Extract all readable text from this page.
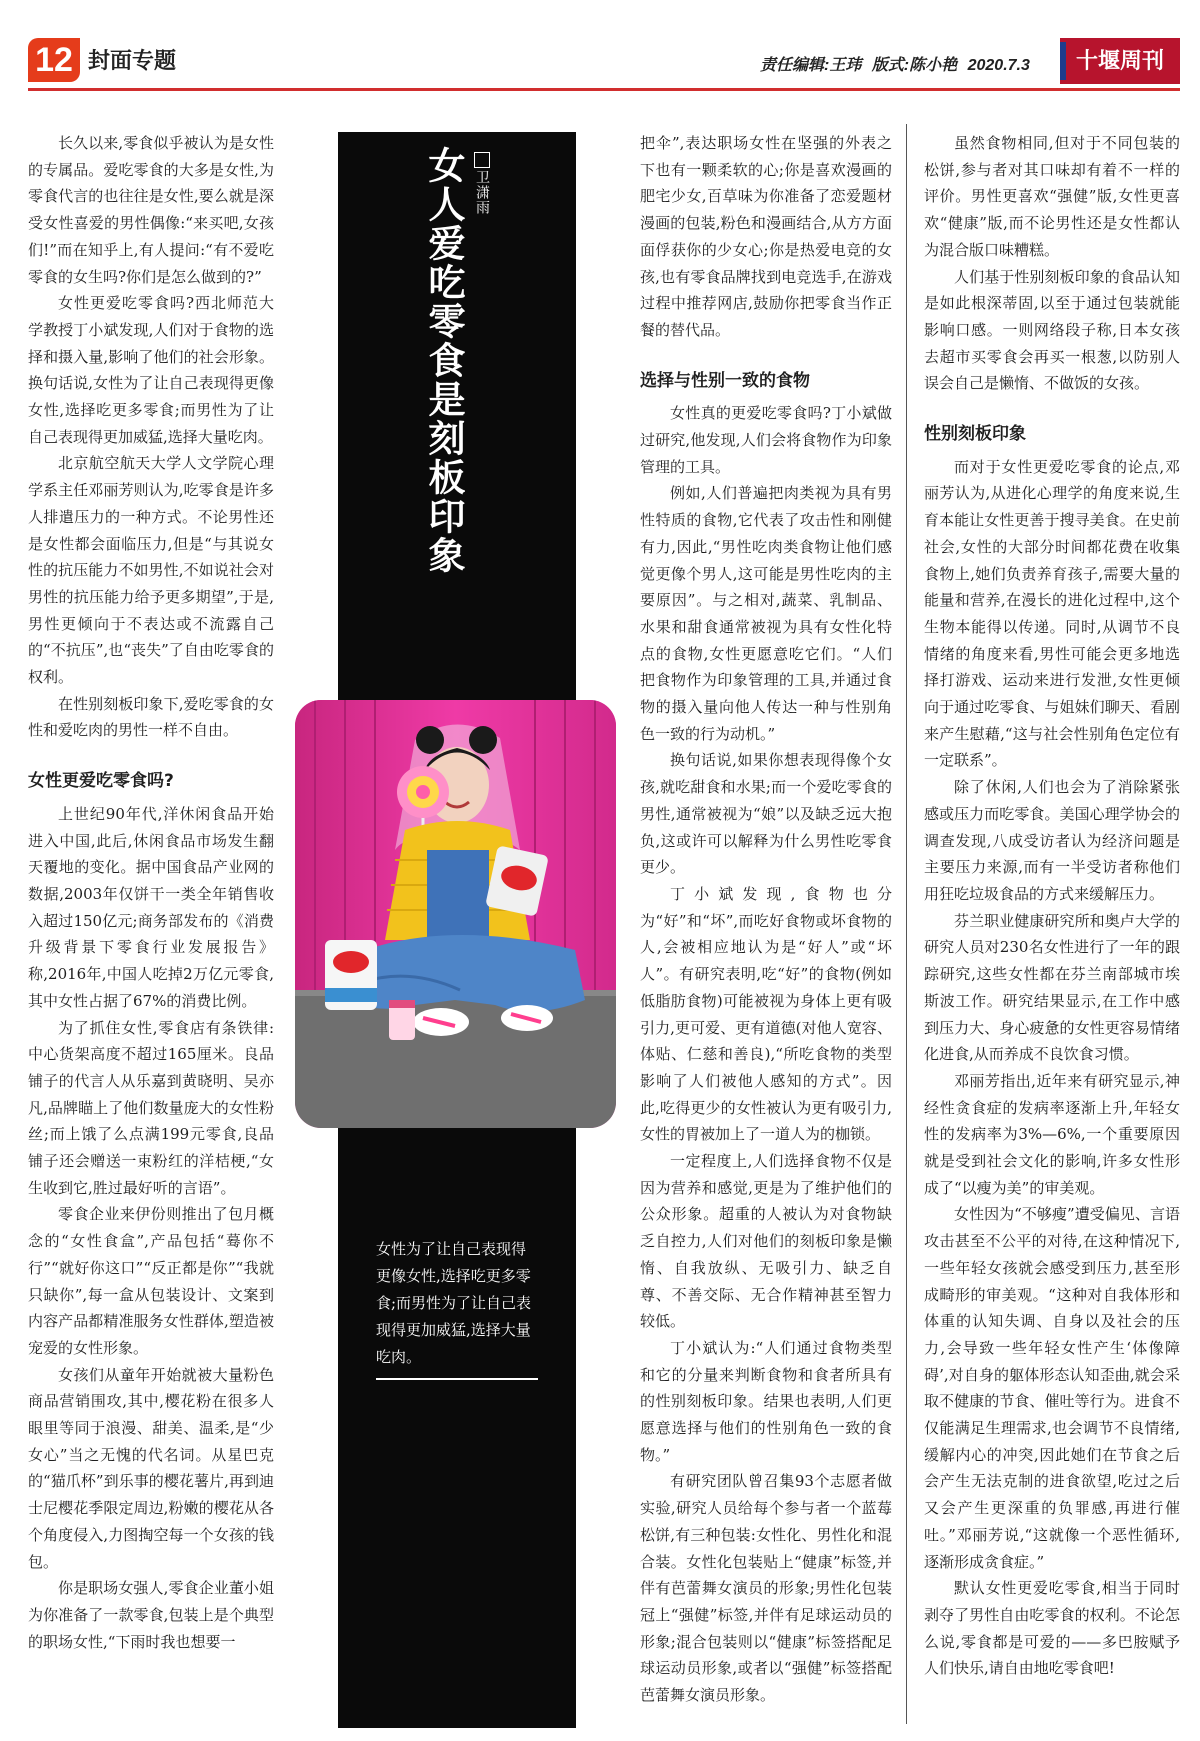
12 封面专题	责任编辑:王玮 版式:陈小艳 2020.7.3	十堰周刊

长久以来,零食似乎被认为是女性的专属品。爱吃零食的大多是女性,为零食代言的也往往是女性,要么就是深受女性喜爱的男性偶像:“来买吧,女孩们!”而在知乎上,有人提问:“有不爱吃零食的女生吗?你们是怎么做到的?”

女性更爱吃零食吗?西北师范大学教授丁小斌发现,人们对于食物的选择和摄入量,影响了他们的社会形象。换句话说,女性为了让自己表现得更像女性,选择吃更多零食;而男性为了让自己表现得更加威猛,选择大量吃肉。

北京航空航天大学人文学院心理学系主任邓丽芳则认为,吃零食是许多人排遣压力的一种方式。不论男性还是女性都会面临压力,但是“与其说女性的抗压能力不如男性,不如说社会对男性的抗压能力给予更多期望”,于是,男性更倾向于不表达或不流露自己的“不抗压”,也“丧失”了自由吃零食的权利。

在性别刻板印象下,爱吃零食的女性和爱吃肉的男性一样不自由。

女性更爱吃零食吗?

上世纪90年代,洋休闲食品开始进入中国,此后,休闲食品市场发生翻天覆地的变化。据中国食品产业网的数据,2003年仅饼干一类全年销售收入超过150亿元;商务部发布的《消费升级背景下零食行业发展报告》称,2016年,中国人吃掉2万亿元零食,其中女性占据了67%的消费比例。

为了抓住女性,零食店有条铁律:中心货架高度不超过165厘米。良品铺子的代言人从乐嘉到黄晓明、吴亦凡,品牌瞄上了他们数量庞大的女性粉丝;而上饿了么点满199元零食,良品铺子还会赠送一束粉红的洋桔梗,“女生收到它,胜过最好听的言语”。

零食企业来伊份则推出了包月概念的“女性食盒”,产品包括“蓦你不行”“就好你这口”“反正都是你”“我就只缺你”,每一盒从包装设计、文案到内容产品都精准服务女性群体,塑造被宠爱的女性形象。

女孩们从童年开始就被大量粉色商品营销围攻,其中,樱花粉在很多人眼里等同于浪漫、甜美、温柔,是“少女心”当之无愧的代名词。从星巴克的“猫爪杯”到乐事的樱花薯片,再到迪士尼樱花季限定周边,粉嫩的樱花从各个角度侵入,力图掏空每一个女孩的钱包。

你是职场女强人,零食企业董小姐为你准备了一款零食,包装上是个典型的职场女性,“下雨时我也想要一

女人爱吃零食是刻板印象 卫潇雨
女性为了让自己表现得更像女性,选择吃更多零食;而男性为了让自己表现得更加威猛,选择大量吃肉。

把伞”,表达职场女性在坚强的外表之下也有一颗柔软的心;你是喜欢漫画的肥宅少女,百草味为你准备了恋爱题材漫画的包装,粉色和漫画结合,从方方面面俘获你的少女心;你是热爱电竞的女孩,也有零食品牌找到电竞选手,在游戏过程中推荐网店,鼓励你把零食当作正餐的替代品。

选择与性别一致的食物

女性真的更爱吃零食吗?丁小斌做过研究,他发现,人们会将食物作为印象管理的工具。

例如,人们普遍把肉类视为具有男性特质的食物,它代表了攻击性和刚健有力,因此,“男性吃肉类食物让他们感觉更像个男人,这可能是男性吃肉的主要原因”。与之相对,蔬菜、乳制品、水果和甜食通常被视为具有女性化特点的食物,女性更愿意吃它们。“人们把食物作为印象管理的工具,并通过食物的摄入量向他人传达一种与性别角色一致的行为动机。”

换句话说,如果你想表现得像个女孩,就吃甜食和水果;而一个爱吃零食的男性,通常被视为“娘”以及缺乏远大抱负,这或许可以解释为什么男性吃零食更少。

丁小斌发现,食物也分为“好”和“坏”,而吃好食物或坏食物的人,会被相应地认为是“好人”或“坏人”。有研究表明,吃“好”的食物(例如低脂肪食物)可能被视为身体上更有吸引力,更可爱、更有道德(对他人宽容、体贴、仁慈和善良),“所吃食物的类型影响了人们被他人感知的方式”。因此,吃得更少的女性被认为更有吸引力,女性的胃被加上了一道人为的枷锁。

一定程度上,人们选择食物不仅是因为营养和感觉,更是为了维护他们的公众形象。超重的人被认为对食物缺乏自控力,人们对他们的刻板印象是懒惰、自我放纵、无吸引力、缺乏自尊、不善交际、无合作精神甚至智力较低。

丁小斌认为:“人们通过食物类型和它的分量来判断食物和食者所具有的性别刻板印象。结果也表明,人们更愿意选择与他们的性别角色一致的食物。”

有研究团队曾召集93个志愿者做实验,研究人员给每个参与者一个蓝莓松饼,有三种包装:女性化、男性化和混合装。女性化包装贴上“健康”标签,并伴有芭蕾舞女演员的形象;男性化包装冠上“强健”标签,并伴有足球运动员的形象;混合包装则以“健康”标签搭配足球运动员形象,或者以“强健”标签搭配芭蕾舞女演员形象。

虽然食物相同,但对于不同包装的松饼,参与者对其口味却有着不一样的评价。男性更喜欢“强健”版,女性更喜欢“健康”版,而不论男性还是女性都认为混合版口味糟糕。

人们基于性别刻板印象的食品认知是如此根深蒂固,以至于通过包装就能影响口感。一则网络段子称,日本女孩去超市买零食会再买一根葱,以防别人误会自己是懒惰、不做饭的女孩。

性别刻板印象

而对于女性更爱吃零食的论点,邓丽芳认为,从进化心理学的角度来说,生育本能让女性更善于搜寻美食。在史前社会,女性的大部分时间都花费在收集食物上,她们负责养育孩子,需要大量的能量和营养,在漫长的进化过程中,这个生物本能得以传递。同时,从调节不良情绪的角度来看,男性可能会更多地选择打游戏、运动来进行发泄,女性更倾向于通过吃零食、与姐妹们聊天、看剧来产生慰藉,“这与社会性别角色定位有一定联系”。

除了休闲,人们也会为了消除紧张感或压力而吃零食。美国心理学协会的调查发现,八成受访者认为经济问题是主要压力来源,而有一半受访者称他们用狂吃垃圾食品的方式来缓解压力。

芬兰职业健康研究所和奥卢大学的研究人员对230名女性进行了一年的跟踪研究,这些女性都在芬兰南部城市埃斯波工作。研究结果显示,在工作中感到压力大、身心疲惫的女性更容易情绪化进食,从而养成不良饮食习惯。

邓丽芳指出,近年来有研究显示,神经性贪食症的发病率逐渐上升,年轻女性的发病率为3%—6%,一个重要原因就是受到社会文化的影响,许多女性形成了“以瘦为美”的审美观。

女性因为“不够瘦”遭受偏见、言语攻击甚至不公平的对待,在这种情况下,一些年轻女孩就会感受到压力,甚至形成畸形的审美观。“这种对自我体形和体重的认知失调、自身以及社会的压力,会导致一些年轻女性产生‘体像障碍’,对自身的躯体形态认知歪曲,就会采取不健康的节食、催吐等行为。进食不仅能满足生理需求,也会调节不良情绪,缓解内心的冲突,因此她们在节食之后会产生无法克制的进食欲望,吃过之后又会产生更深重的负罪感,再进行催吐。”邓丽芳说,“这就像一个恶性循环,逐渐形成贪食症。”

默认女性更爱吃零食,相当于同时剥夺了男性自由吃零食的权利。不论怎么说,零食都是可爱的——多巴胺赋予人们快乐,请自由地吃零食吧!
